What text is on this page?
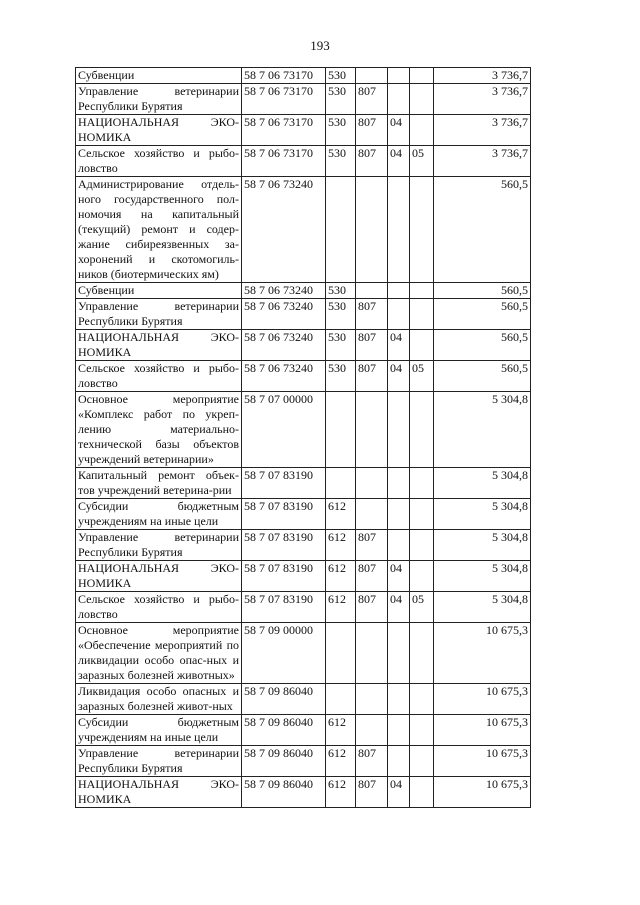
193
Субвенции	58 7 06 73170	530				3 736,7
Управление ветеринарии Республики Бурятия	58 7 06 73170	530	807			3 736,7
НАЦИОНАЛЬНАЯ ЭКО-НОМИКА	58 7 06 73170	530	807	04		3 736,7
Сельское хозяйство и рыбо-ловство	58 7 06 73170	530	807	04	05	3 736,7
Администрирование отдель-ного государственного пол-номочия на капитальный (текущий) ремонт и содер-жание сибиреязвенных за-хоронений и скотомогиль-ников (биотермических ям)	58 7 06 73240					560,5
Субвенции	58 7 06 73240	530				560,5
Управление ветеринарии Республики Бурятия	58 7 06 73240	530	807			560,5
НАЦИОНАЛЬНАЯ ЭКО-НОМИКА	58 7 06 73240	530	807	04		560,5
Сельское хозяйство и рыбо-ловство	58 7 06 73240	530	807	04	05	560,5
Основное мероприятие «Комплекс работ по укреп-лению материально-технической базы объектов учреждений ветеринарии»	58 7 07 00000					5 304,8
Капитальный ремонт объек-тов учреждений ветерина-рии	58 7 07 83190					5 304,8
Субсидии бюджетным учреждениям на иные цели	58 7 07 83190	612				5 304,8
Управление ветеринарии Республики Бурятия	58 7 07 83190	612	807			5 304,8
НАЦИОНАЛЬНАЯ ЭКО-НОМИКА	58 7 07 83190	612	807	04		5 304,8
Сельское хозяйство и рыбо-ловство	58 7 07 83190	612	807	04	05	5 304,8
Основное мероприятие «Обеспечение мероприятий по ликвидации особо опас-ных и заразных болезней животных»	58 7 09 00000					10 675,3
Ликвидация особо опасных и заразных болезней живот-ных	58 7 09 86040					10 675,3
Субсидии бюджетным учреждениям на иные цели	58 7 09 86040	612				10 675,3
Управление ветеринарии Республики Бурятия	58 7 09 86040	612	807			10 675,3
НАЦИОНАЛЬНАЯ ЭКО-НОМИКА	58 7 09 86040	612	807	04		10 675,3
